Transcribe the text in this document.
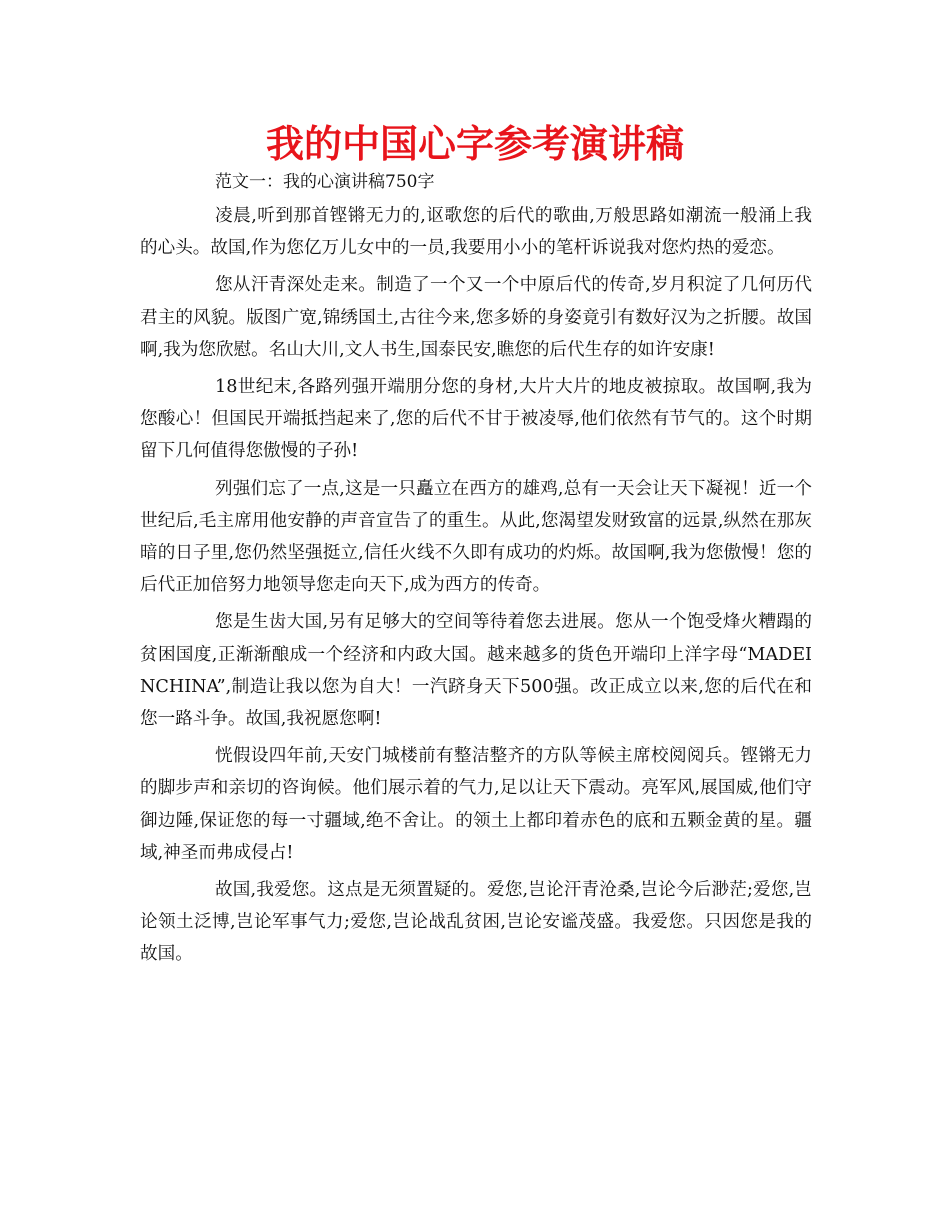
我的中国心字参考演讲稿
范文一：我的心演讲稿750字

凌晨,听到那首铿锵无力的,讴歌您的后代的歌曲,万般思路如潮流一般涌上我的心头。故国,作为您亿万儿女中的一员,我要用小小的笔杆诉说我对您灼热的爱恋。

您从汗青深处走来。制造了一个又一个中原后代的传奇,岁月积淀了几何历代君主的风貌。版图广宽,锦绣国土,古往今来,您多娇的身姿竟引有数好汉为之折腰。故国啊,我为您欣慰。名山大川,文人书生,国泰民安,瞧您的后代生存的如许安康!

18世纪末,各路列强开端朋分您的身材,大片大片的地皮被掠取。故国啊,我为您酸心！但国民开端抵挡起来了,您的后代不甘于被凌辱,他们依然有节气的。这个时期留下几何值得您傲慢的子孙!

列强们忘了一点,这是一只矗立在西方的雄鸡,总有一天会让天下凝视！近一个世纪后,毛主席用他安静的声音宣告了的重生。从此,您渴望发财致富的远景,纵然在那灰暗的日子里,您仍然坚强挺立,信任火线不久即有成功的灼烁。故国啊,我为您傲慢！您的后代正加倍努力地领导您走向天下,成为西方的传奇。

您是生齿大国,另有足够大的空间等待着您去进展。您从一个饱受烽火糟蹋的贫困国度,正渐渐酿成一个经济和内政大国。越来越多的货色开端印上洋字母“MADEINCHINA”,制造让我以您为自大！一汽跻身天下500强。改正成立以来,您的后代在和您一路斗争。故国,我祝愿您啊!

恍假设四年前,天安门城楼前有整洁整齐的方队等候主席校阅阅兵。铿锵无力的脚步声和亲切的咨询候。他们展示着的气力,足以让天下震动。亮军风,展国威,他们守御边陲,保证您的每一寸疆域,绝不舍让。的领土上都印着赤色的底和五颗金黄的星。疆域,神圣而弗成侵占!

故国,我爱您。这点是无须置疑的。爱您,岂论汗青沧桑,岂论今后渺茫;爱您,岂论领土泛博,岂论军事气力;爱您,岂论战乱贫困,岂论安谧茂盛。我爱您。只因您是我的故国。
